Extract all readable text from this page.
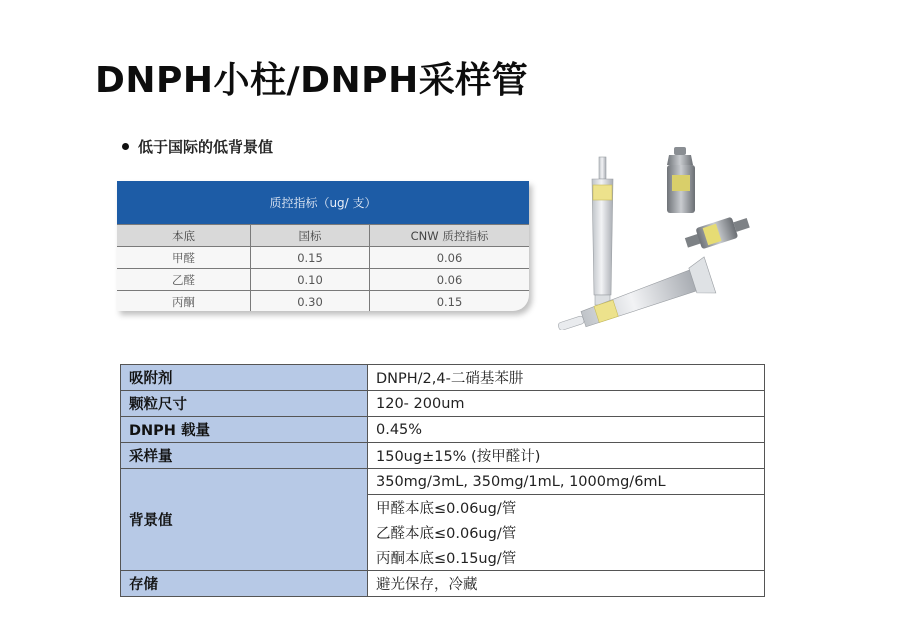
DNPH小柱/DNPH采样管
低于国际的低背景值
质控指标（ug/ 支）
本底	国标	CNW 质控指标
甲醛	0.15	0.06
乙醛	0.10	0.06
丙酮	0.30	0.15
吸附剂	DNPH/2,4-二硝基苯肼
颗粒尺寸	120- 200um
DNPH 载量	0.45%
采样量	150ug±15% (按甲醛计)
背景值	350mg/3mL, 350mg/1mL, 1000mg/6mL
	甲醛本底≤0.06ug/管
	乙醛本底≤0.06ug/管
	丙酮本底≤0.15ug/管
存储	避光保存，冷藏
